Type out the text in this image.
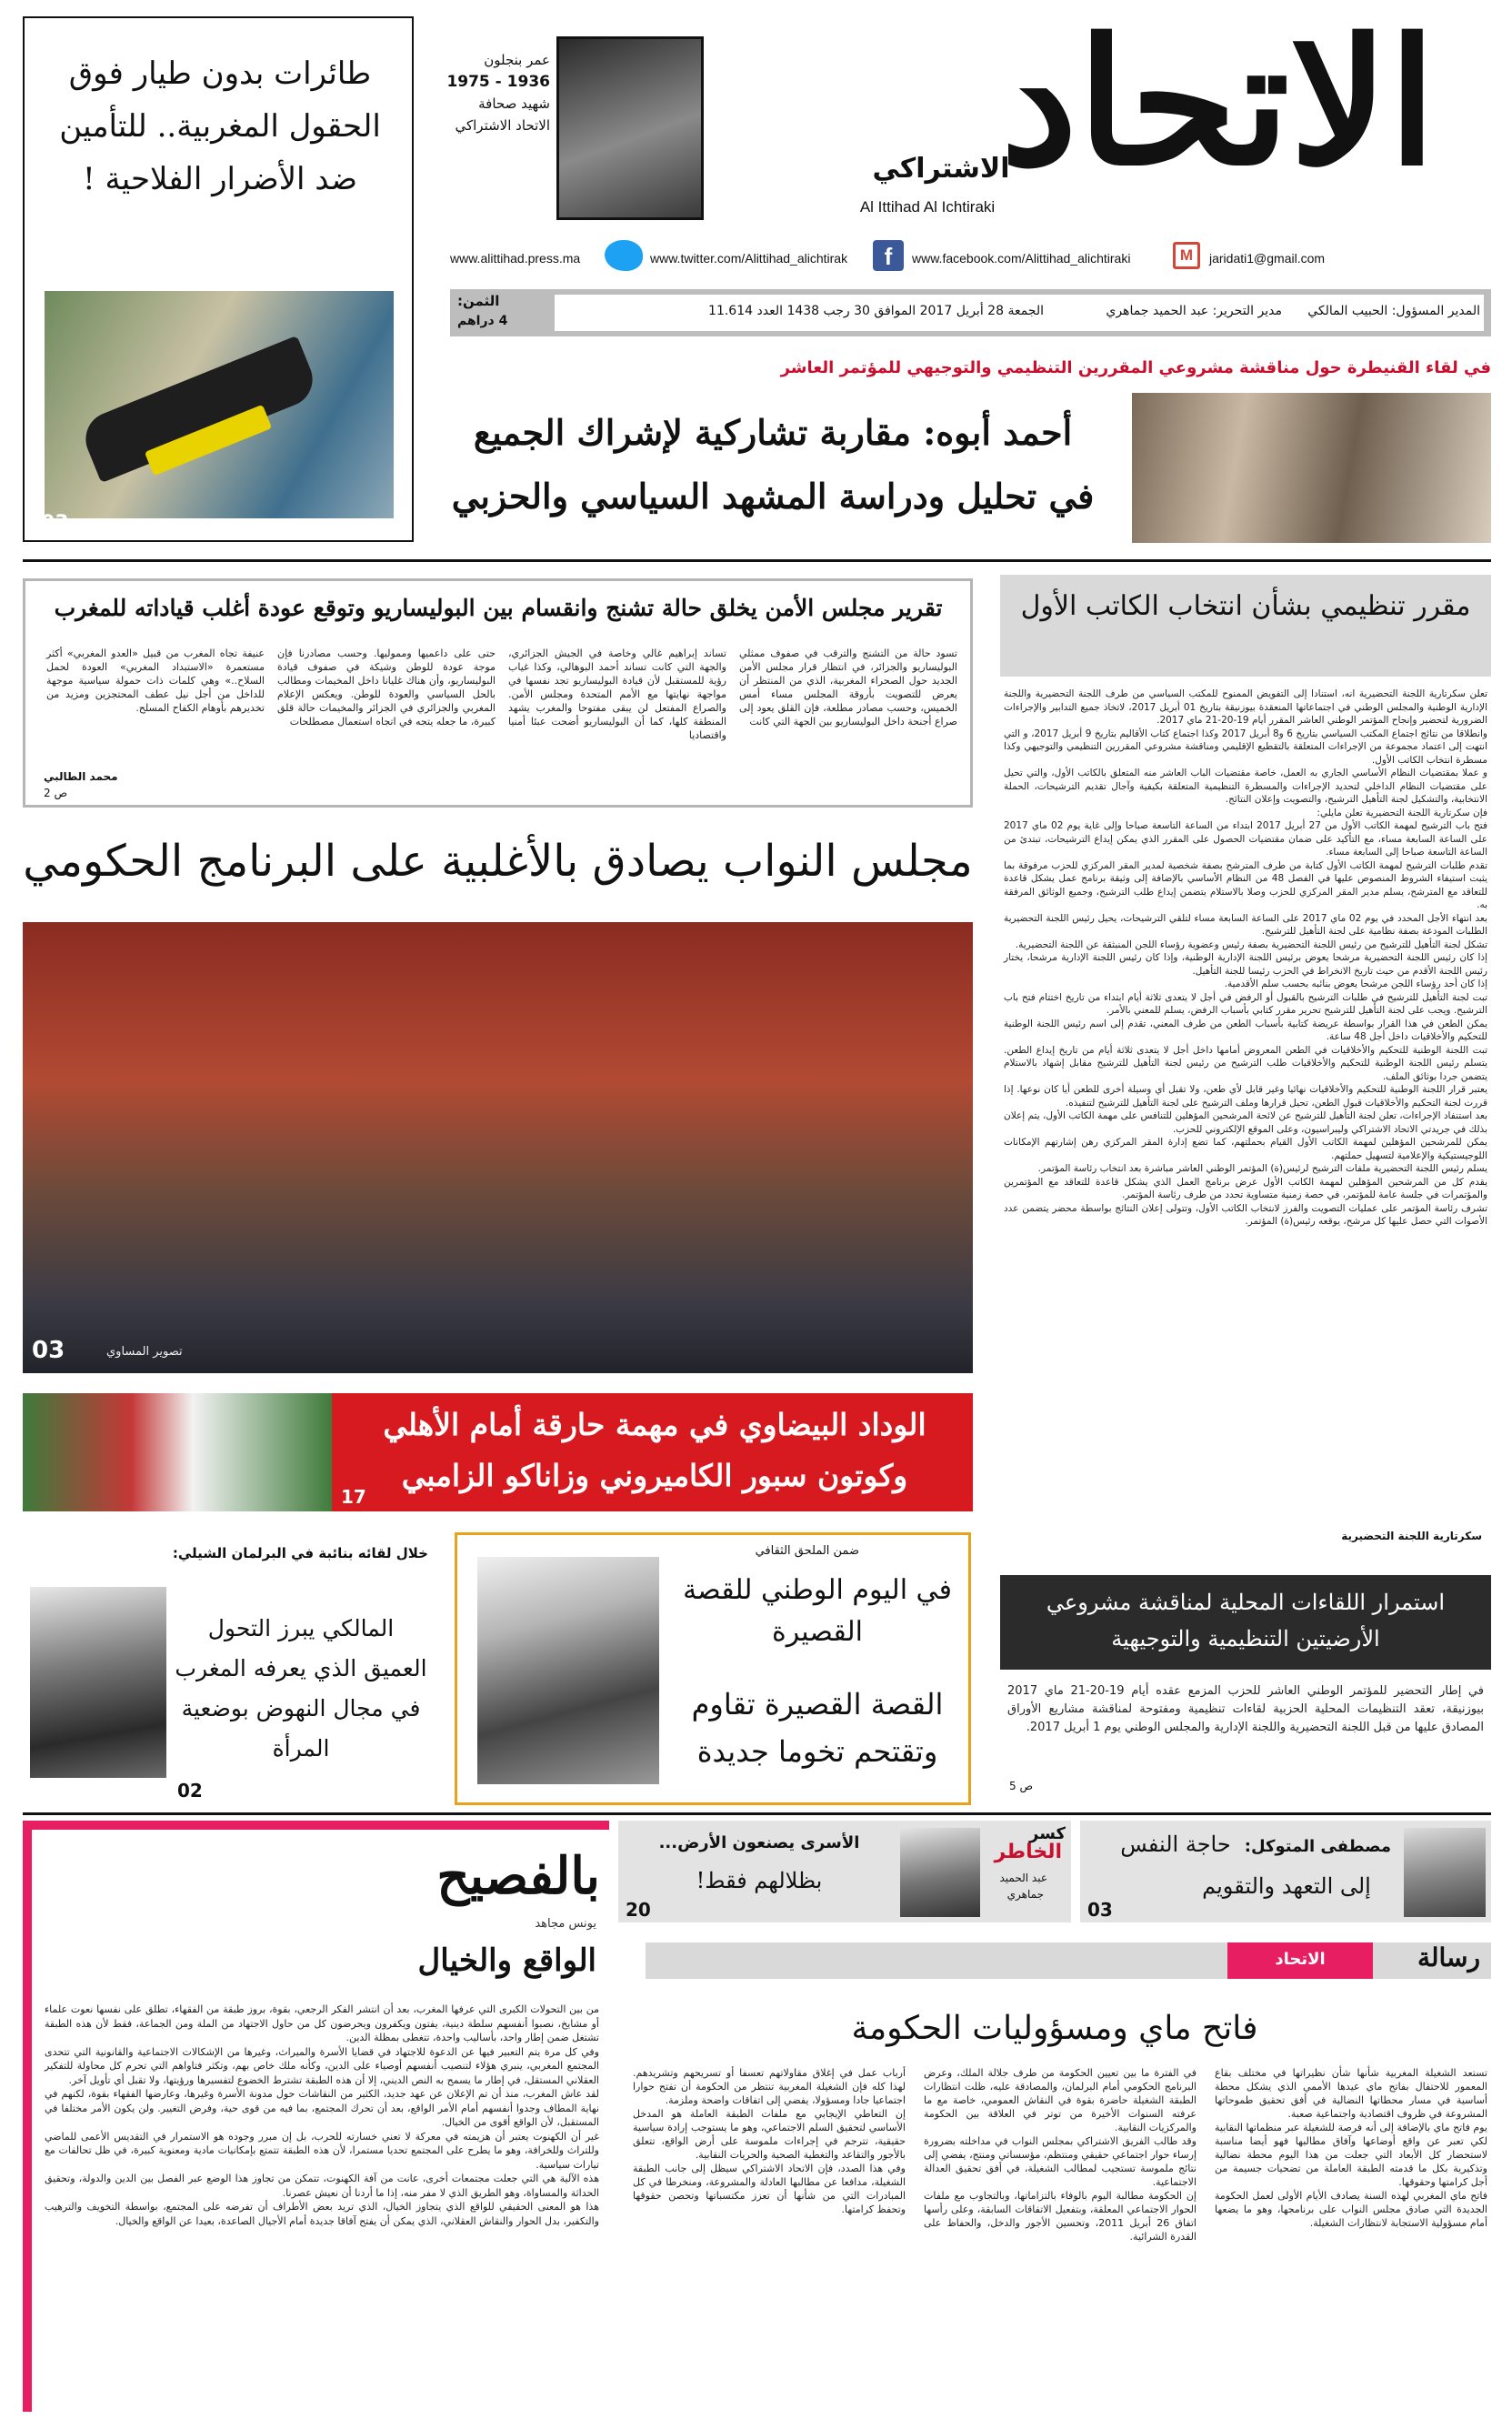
الاتحاد
الاشتراكي
Al Ittihad Al Ichtiraki
عمر بنجلون
1936 - 1975
شهيد صحافة
الاتحاد الاشتراكي
www.alittihad.press.ma	www.twitter.com/Alittihad_alichtirak	f	www.facebook.com/Alittihad_alichtiraki	M	jaridati1@gmail.com
المدير المسؤول: الحبيب المالكي
مدير التحرير: عبد الحميد جماهري
الجمعة 28 أبريل 2017 الموافق 30 رجب 1438 العدد 11.614
الثمن:
4 دراهم
طائرات بدون طيار فوق الحقول المغربية.. للتأمين ضد الأضرار الفلاحية !
03
في لقاء القنيطرة حول مناقشة مشروعي المقررين التنظيمي والتوجيهي للمؤتمر العاشر
أحمد أبوه: مقاربة تشاركية لإشراك الجميع
في تحليل ودراسة المشهد السياسي والحزبي
تقرير مجلس الأمن يخلق حالة تشنج وانقسام بين البوليساريو وتوقع عودة أغلب قياداته للمغرب
تسود حالة من التشنج والترقب في صفوف ممثلي البوليساريو والجزائر، في انتظار قرار مجلس الأمن الجديد حول الصحراء المغربية، الذي من المنتظر أن يعرض للتصويت بأروقة المجلس مساء أمس الخميس، وحسب مصادر مطلعة، فإن القلق يعود إلى صراع أجنحة داخل البوليساريو بين الجهة التي كانت
تساند إبراهيم غالي وخاصة في الجيش الجزائري، والجهة التي كانت تساند أحمد البوهالي، وكذا غياب رؤية للمستقبل لأن قيادة البوليساريو تجد نفسها في مواجهة نهايتها مع الأمم المتحدة ومجلس الأمن. والصراع المفتعل لن يبقى مفتوحا والمغرب يشهد المنطقة كلها، كما أن البوليساريو أضحت عبئا أمنيا واقتصاديا
حتى على داعميها ومموليها. وحسب مصادرنا فإن موجة عودة للوطن وشيكة في صفوف قيادة البوليساريو، وأن هناك غليانا داخل المخيمات ومطالب بالحل السياسي والعودة للوطن. ويعكس الإعلام المغربي والجزائري في الجزائر والمخيمات حالة قلق كبيرة، ما جعله يتجه في اتجاه استعمال مصطلحات
عنيفة تجاه المغرب من قبيل «العدو المغربي» أكثر مستعمرة «الاستبداد المغربي» العودة لحمل السلاح..» وهي كلمات ذات حمولة سياسية موجهة للداخل من أجل نيل عطف المحتجزين ومزيد من تخديرهم بأوهام الكفاح المسلح.
محمد الطالبي
ص 2
مجلس النواب يصادق بالأغلبية على البرنامج الحكومي
تصوير المساوي
03
الوداد البيضاوي في مهمة حارقة أمام الأهلي
وكوتون سبور الكاميروني وزاناكو الزامبي
17
خلال لقائه بنائبة في البرلمان الشيلي:
المالكي يبرز التحول العميق الذي يعرفه المغرب في مجال النهوض بوضعية المرأة
02
ضمن الملحق الثقافي
في اليوم الوطني للقصة القصيرة
القصة القصيرة تقاوم وتقتحم تخوما جديدة
مقرر تنظيمي بشأن انتخاب الكاتب الأول
تعلن سكرتارية اللجنة التحضيرية انه، استنادا إلى التفويض الممنوح للمكتب السياسي من طرف اللجنة التحضيرية واللجنة الإدارية الوطنية والمجلس الوطني في اجتماعاتها المنعقدة بيوزنيقة بتاريخ 01 أبريل 2017، لاتخاذ جميع التدابير والإجراءات الضرورية لتحضير وإنجاح المؤتمر الوطني العاشر المقرر أيام 19-20-21 ماي 2017.
وانطلاقا من نتائج اجتماع المكتب السياسي بتاريخ 6 و8 أبريل 2017 وكذا اجتماع كتاب الأقاليم بتاريخ 9 أبريل 2017، و التي انتهت إلى اعتماد مجموعة من الإجراءات المتعلقة بالتقطيع الإقليمي ومناقشة مشروعي المقررين التنظيمي والتوجيهي وكذا مسطرة انتخاب الكاتب الأول.
و عملا بمقتضيات النظام الأساسي الجاري به العمل، خاصة مقتضيات الباب العاشر منه المتعلق بالكاتب الأول، والتي تحيل على مقتضيات النظام الداخلي لتحديد الإجراءات والمسطرة التنظيمية المتعلقة بكيفية وآجال تقديم الترشيحات، الحملة الانتخابية، والتشكيل لجنة التأهيل الترشيح، والتصويت وإعلان النتائج.
فإن سكرتارية اللجنة التحضيرية تعلن مايلي:
فتح باب الترشيح لمهمة الكاتب الأول من 27 أبريل 2017 ابتداء من الساعة التاسعة صباحا وإلى غاية يوم 02 ماي 2017 على الساعة السابعة مساء، مع التأكيد على ضمان مقتضيات الحصول على المقرر الذي يمكن إيداع الترشيحات، تبتدئ من الساعة التاسعة صباحا إلى السابعة مساء.
تقدم طلبات الترشيح لمهمة الكاتب الأول كتابة من طرف المترشح بصفة شخصية لمدير المقر المركزي للحزب مرفوقة بما يثبت استيفاء الشروط المنصوص عليها في الفصل 48 من النظام الأساسي بالإضافة إلى وثيقة برنامج عمل يشكل قاعدة للتعاقد مع المترشح، يسلم مدير المقر المركزي للحزب وصلا بالاستلام يتضمن إيداع طلب الترشيح، وجميع الوثائق المرفقة به.
بعد انتهاء الأجل المحدد في يوم 02 ماي 2017 على الساعة السابعة مساء لتلقي الترشيحات، يحيل رئيس اللجنة التحضيرية الطلبات المودعة بصفة نظامية على لجنة التأهيل للترشيح.
تشكل لجنة التأهيل للترشيح من رئيس اللجنة التحضيرية بصفة رئيس وعضوية رؤساء اللجن المنبثقة عن اللجنة التحضيرية.
إذا كان رئيس اللجنة التحضيرية مرشحا يعوض برئيس اللجنة الإدارية الوطنية، وإذا كان رئيس اللجنة الإدارية مرشحا، يختار رئيس اللجنة الأقدم من حيث تاريخ الانخراط في الحزب رئيسا للجنة التأهيل.
إذا كان أحد رؤساء اللجن مرشحا يعوض بنائبه بحسب سلم الأقدمية.
تبت لجنة التأهيل للترشيح في طلبات الترشيح بالقبول أو الرفض في أجل لا يتعدى ثلاثة أيام ابتداء من تاريخ اختتام فتح باب الترشيح. ويجب على لجنة التأهيل للترشيح تحرير مقرر كتابي بأسباب الرفض، يسلم للمعني بالأمر.
يمكن الطعن في هذا القرار بواسطة عريضة كتابية بأسباب الطعن من طرف المعني، تقدم إلى اسم رئيس اللجنة الوطنية للتحكيم والأخلاقيات داخل أجل 48 ساعة.
تبت اللجنة الوطنية للتحكيم والأخلاقيات في الطعن المعروض أمامها داخل أجل لا يتعدى ثلاثة أيام من تاريخ إيداع الطعن. يتسلم رئيس اللجنة الوطنية للتحكيم والأخلاقيات طلب الترشيح من رئيس لجنة التأهيل للترشيح مقابل إشهاد بالاستلام يتضمن جردا بوثائق الملف.
يعتبر قرار اللجنة الوطنية للتحكيم والأخلاقيات نهائيا وغير قابل لأي طعن، ولا تقبل أي وسيلة أخرى للطعن أيا كان نوعها. إذا قررت لجنة التحكيم والأخلاقيات قبول الطعن، تحيل قرارها وملف الترشيح على لجنة التأهيل للترشيح لتنفيذه.
بعد استنفاد الإجراءات، تعلن لجنة التأهيل للترشيح عن لائحة المرشحين المؤهلين للتنافس على مهمة الكاتب الأول، يتم إعلان بذلك في جريدتي الاتحاد الاشتراكي وليبراسيون، وعلى الموقع الإلكتروني للحزب.
يمكن للمرشحين المؤهلين لمهمة الكاتب الأول القيام بحملتهم، كما تضع إدارة المقر المركزي رهن إشارتهم الإمكانات اللوجيستيكية والإعلامية لتسهيل حملتهم.
يسلم رئيس اللجنة التحضيرية ملفات الترشيح لرئيس(ة) المؤتمر الوطني العاشر مباشرة بعد انتخاب رئاسة المؤتمر.
يقدم كل من المرشحين المؤهلين لمهمة الكاتب الأول عرض برنامج العمل الذي يشكل قاعدة للتعاقد مع المؤتمرين والمؤتمرات في جلسة عامة للمؤتمر، في حصة زمنية متساوية تحدد من طرف رئاسة المؤتمر.
تشرف رئاسة المؤتمر على عمليات التصويت والفرز لانتخاب الكاتب الأول، وتتولى إعلان النتائج بواسطة محضر يتضمن عدد الأصوات التي حصل عليها كل مرشح، يوقعه رئيس(ة) المؤتمر.
سكرتارية اللجنة التحضيرية
استمرار اللقاءات المحلية لمناقشة مشروعي الأرضيتين التنظيمية والتوجيهية
في إطار التحضير للمؤتمر الوطني العاشر للحزب المزمع عقده أيام 19-20-21 ماي 2017 بيوزنيقة، تعقد التنظيمات المحلية الحزبية لقاءات تنظيمية ومفتوحة لمناقشة مشاريع الأوراق المصادق عليها من قبل اللجنة التحضيرية واللجنة الإدارية والمجلس الوطني يوم 1 أبريل 2017.
ص 5
مصطفى المتوكل:
حاجة النفس
إلى التعهد والتقويم
03
كسر
الخاطر
عبد الحميد
جماهري
الأسرى يصنعون الأرض...
بظلالهم فقط!
20
بالفصيح
يونس مجاهد
الواقع والخيال
من بين التحولات الكبرى التي عرفها المغرب، بعد أن انتشر الفكر الرجعي، بقوة، بروز طبقة من الفقهاء، تطلق على نفسها نعوت علماء أو مشايخ، نصبوا أنفسهم سلطة دينية، يفتون ويكفرون ويحرضون كل من حاول الاجتهاد من الملة ومن الجماعة، فقط لأن هذه الطبقة تشتغل ضمن إطار واحد، بأساليب واحدة، تتغطى بمظلة الدين.
وفي كل مرة يتم التعبير فيها عن الدعوة للاجتهاد في قضايا الأسرة والميراث، وغيرها من الإشكالات الاجتماعية والقانونية التي تتحدى المجتمع المغربي، ينبري هؤلاء لتنصيب أنفسهم أوصياء على الدين، وكأنه ملك خاص بهم، وتكثر فتاواهم التي تحرم كل محاولة للتفكير العقلاني المستقل، في إطار ما يسمح به النص الديني، إلا أن هذه الطبقة تشترط الخضوع لتفسيرها ورؤيتها، ولا تقبل أي تأويل آخر.
لقد عاش المغرب، منذ أن تم الإعلان عن عهد جديد، الكثير من النقاشات حول مدونة الأسرة وغيرها، وعارضها الفقهاء بقوة، لكنهم في نهاية المطاف وجدوا أنفسهم أمام الأمر الواقع، بعد أن تحرك المجتمع، بما فيه من قوى حية، وفرض التغيير. ولن يكون الأمر مختلفا في المستقبل، لأن الواقع أقوى من الخيال.
غير أن الكهنوت يعتبر أن هزيمته في معركة لا تعني خسارته للحرب، بل إن مبرر وجوده هو الاستمرار في التقديس الأعمى للماضي وللتراث وللخرافة، وهو ما يطرح على المجتمع تحديا مستمرا، لأن هذه الطبقة تتمتع بإمكانيات مادية ومعنوية كبيرة، في ظل تحالفات مع تيارات سياسية.
هذه الآلية هي التي جعلت مجتمعات أخرى، عانت من آفة الكهنوت، تتمكن من تجاوز هذا الوضع عبر الفصل بين الدين والدولة، وتحقيق الحداثة والمساواة، وهو الطريق الذي لا مفر منه، إذا ما أردنا أن نعيش عصرنا.
هذا هو المعنى الحقيقي للواقع الذي يتجاوز الخيال، الذي تريد بعض الأطراف أن تفرضه على المجتمع، بواسطة التخويف والترهيب والتكفير، بدل الحوار والنقاش العقلاني، الذي يمكن أن يفتح آفاقا جديدة أمام الأجيال الصاعدة، بعيدا عن الواقع والخيال.
الاتحاد	رسالة
فاتح ماي ومسؤوليات الحكومة
تستعد الشغيلة المغربية شأنها شأن نظيراتها في مختلف بقاع المعمور للاحتفال بفاتح ماي عيدها الأممي الذي يشكل محطة أساسية في مسار محطاتها النضالية في أفق تحقيق طموحاتها المشروعة في ظروف اقتصادية واجتماعية صعبة.
يوم فاتح ماي بالإضافة إلى أنه فرصة للشغيلة عبر منظماتها النقابية لكي تعبر عن واقع أوضاعها وآفاق مطالبها فهو أيضا مناسبة لاستحضار كل الأبعاد التي جعلت من هذا اليوم محطة نضالية وتذكيرية بكل ما قدمته الطبقة العاملة من تضحيات جسيمة من أجل كرامتها وحقوقها.
فاتح ماي المغربي لهذه السنة يصادف الأيام الأولى لعمل الحكومة الجديدة التي صادق مجلس النواب على برنامجها، وهو ما يضعها أمام مسؤولية الاستجابة لانتظارات الشغيلة.
في الفترة ما بين تعيين الحكومة من طرف جلالة الملك، وعرض البرنامج الحكومي أمام البرلمان، والمصادقة عليه، ظلت انتظارات الطبقة الشغيلة حاضرة بقوة في النقاش العمومي، خاصة مع ما عرفته السنوات الأخيرة من توتر في العلاقة بين الحكومة والمركزيات النقابية.
وقد طالب الفريق الاشتراكي بمجلس النواب في مداخلته بضرورة إرساء حوار اجتماعي حقيقي ومنتظم، مؤسساتي ومنتج، يفضي إلى نتائج ملموسة تستجيب لمطالب الشغيلة، في أفق تحقيق العدالة الاجتماعية.
إن الحكومة مطالبة اليوم بالوفاء بالتزاماتها، وبالتجاوب مع ملفات الحوار الاجتماعي المعلقة، وبتفعيل الاتفاقات السابقة، وعلى رأسها اتفاق 26 أبريل 2011، وتحسين الأجور والدخل، والحفاظ على القدرة الشرائية.
أرباب عمل في إغلاق مقاولاتهم تعسفا أو تسريحهم وتشريدهم. لهذا كله فإن الشغيلة المغربية تنتظر من الحكومة أن تفتح حوارا اجتماعيا جادا ومسؤولا، يفضي إلى اتفاقات واضحة وملزمة.
إن التعاطي الإيجابي مع ملفات الطبقة العاملة هو المدخل الأساسي لتحقيق السلم الاجتماعي، وهو ما يستوجب إرادة سياسية حقيقية، تترجم في إجراءات ملموسة على أرض الواقع، تتعلق بالأجور والتقاعد والتغطية الصحية والحريات النقابية.
وفي هذا الصدد، فإن الاتحاد الاشتراكي سيظل إلى جانب الطبقة الشغيلة، مدافعا عن مطالبها العادلة والمشروعة، ومنخرطا في كل المبادرات التي من شأنها أن تعزز مكتسباتها وتحصن حقوقها وتحفظ كرامتها.
